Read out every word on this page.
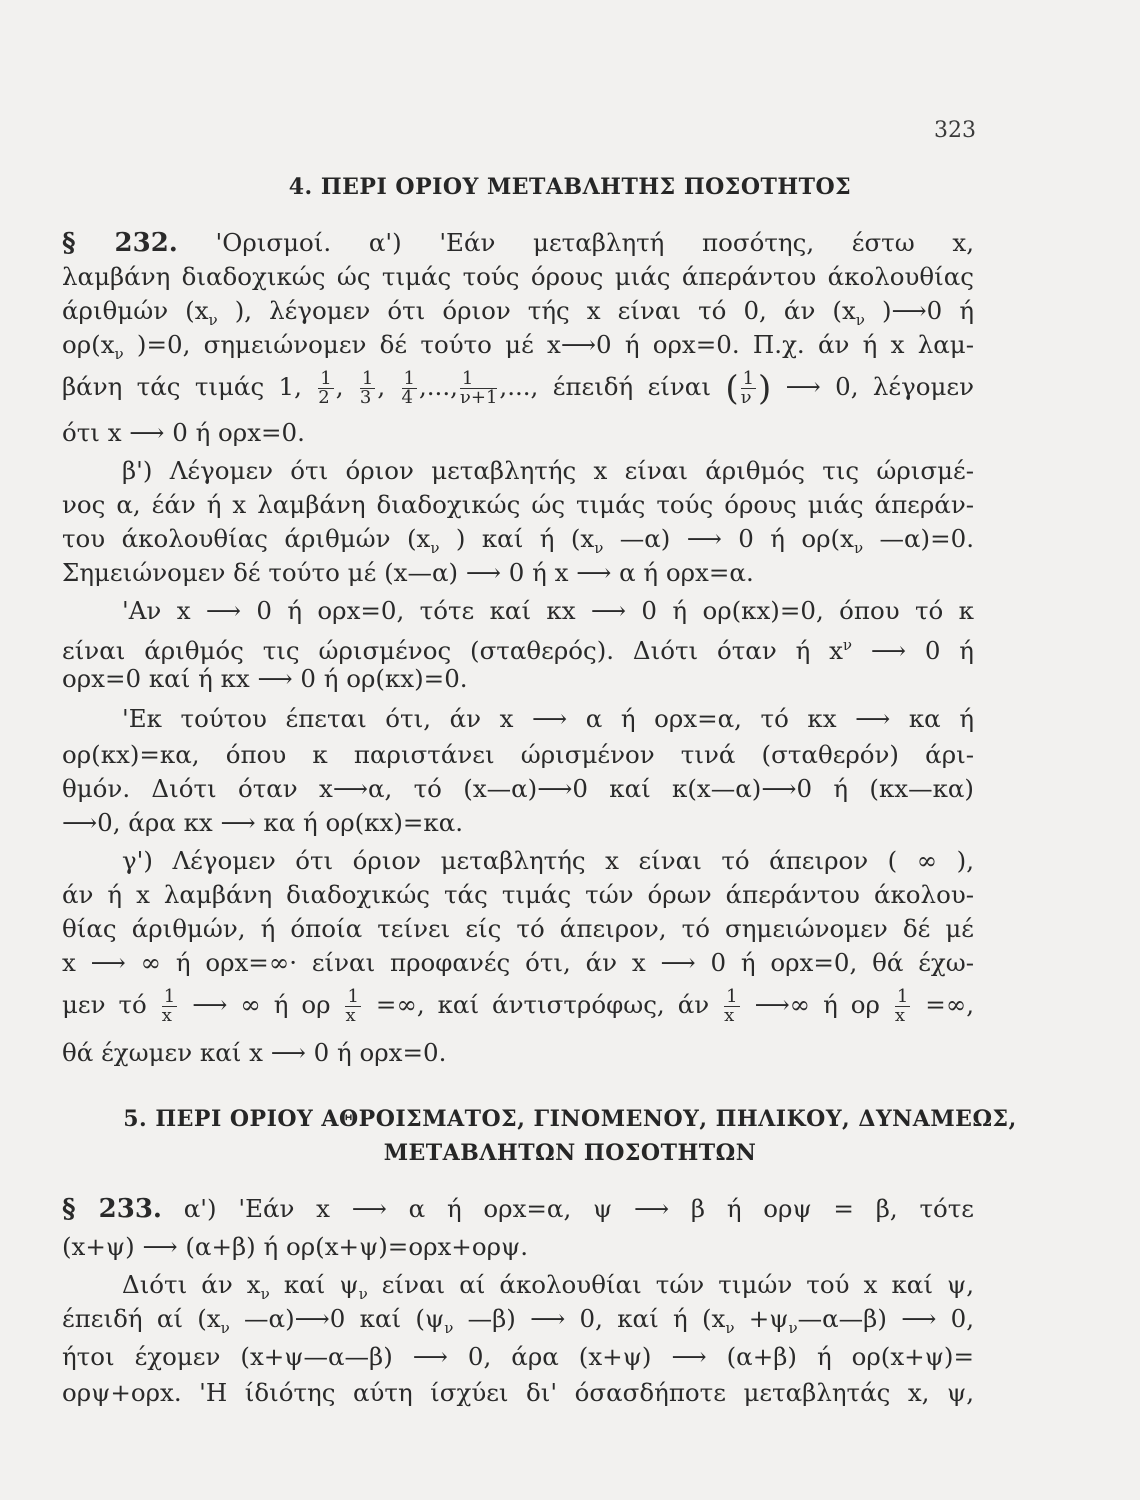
323
4. ΠΕΡΙ ΟΡΙΟΥ ΜΕΤΑΒΛΗΤΗΣ ΠΟΣΟΤΗΤΟΣ
§ 232. 'Ορισμοί. α') 'Εάν μεταβλητή ποσότης, έστω x,
λαμβάνη διαδοχικώς ώς τιμάς τούς όρους μιάς άπεράντου άκολουθίας
άριθμών ($x_\nu$ ), λέγομεν ότι όριον τής x είναι τό 0, άν ($x_\nu$ )⟶0 ή
$o\rho(x_\nu$ )=0, σημειώνομεν δέ τούτο μέ x⟶0 ή ορx=0. Π.χ. άν ή x λαμ-
βάνη τάς τιμάς 1, $\frac{1}{2}$ , $\frac{1}{3}$ , $\frac{1}{4}$ ,..., $\frac{1}{\nu+1}$ ,..., έπειδή είναι ( $\frac{1}{\nu}$ ) ⟶ 0, λέγομεν
ότι x ⟶ 0 ή ορx=0.
β') Λέγομεν ότι όριον μεταβλητής x είναι άριθμός τις ώρισμέ-
νος α, έάν ή x λαμβάνη διαδοχικώς ώς τιμάς τούς όρους μιάς άπεράν-
του άκολουθίας άριθμών ($x_\nu$ ) καί ή ($x_\nu$ —α) ⟶ 0 ή $o\rho(x_\nu$ —α)=0.
Σημειώνομεν δέ τούτο μέ (x—α) ⟶ 0 ή x ⟶ α ή ορx=α.
'Αν x ⟶ 0 ή ορx=0, τότε καί κx ⟶ 0 ή ορ(κx)=0, όπου τό κ
είναι άριθμός τις ώρισμένος (σταθερός). Διότι όταν ή $x^\nu$ ⟶ 0 ή
ορx=0 καί ή κx ⟶ 0 ή ορ(κx)=0.
'Εκ τούτου έπεται ότι, άν x ⟶ α ή ορx=α, τό κx ⟶ κα ή
ορ(κx)=κα, όπου κ παριστάνει ώρισμένον τινά (σταθερόν) άρι-
θμόν. Διότι όταν x⟶α, τό (x—α)⟶0 καί κ(x—α)⟶0 ή (κx—κα)
⟶0, άρα κx ⟶ κα ή ορ(κx)=κα.
γ') Λέγομεν ότι όριον μεταβλητής x είναι τό άπειρον ( ∞ ),
άν ή x λαμβάνη διαδοχικώς τάς τιμάς τών όρων άπεράντου άκολου-
θίας άριθμών, ή όποία τείνει είς τό άπειρον, τό σημειώνομεν δέ μέ
x ⟶ ∞ ή ορx=∞· είναι προφανές ότι, άν x ⟶ 0 ή ορx=0, θά έχω-
μεν τό $\frac{1}{x}$ ⟶ ∞ ή ορ $\frac{1}{x}$ =∞, καί άντιστρόφως, άν $\frac{1}{x}$ ⟶∞ ή ορ $\frac{1}{x}$ =∞,
θά έχωμεν καί x ⟶ 0 ή ορx=0.
5. ΠΕΡΙ ΟΡΙΟΥ ΑΘΡΟΙΣΜΑΤΟΣ, ΓΙΝΟΜΕΝΟΥ, ΠΗΛΙΚΟΥ, ΔΥΝΑΜΕΩΣ,
ΜΕΤΑΒΛΗΤΩΝ ΠΟΣΟΤΗΤΩΝ
§ 233. α') 'Εάν x ⟶ α ή ορx=α, ψ ⟶ β ή ορψ = β, τότε
(x+ψ) ⟶ (α+β) ή ορ(x+ψ)=ορx+ορψ.
Διότι άν $x_\nu$ καί $\psi_\nu$ είναι αί άκολουθίαι τών τιμών τού x καί ψ,
έπειδή αί ($x_\nu$ —α)⟶0 καί ($\psi_\nu$ —β) ⟶ 0, καί ή ($x_\nu$ $+\psi_\nu—\alpha—\beta$) ⟶ 0,
ήτοι έχομεν (x+ψ—α—β) ⟶ 0, άρα (x+ψ) ⟶ (α+β) ή ορ(x+ψ)=
ορψ+ορx. 'Η ίδιότης αύτη ίσχύει δι' όσασδήποτε μεταβλητάς x, ψ,
